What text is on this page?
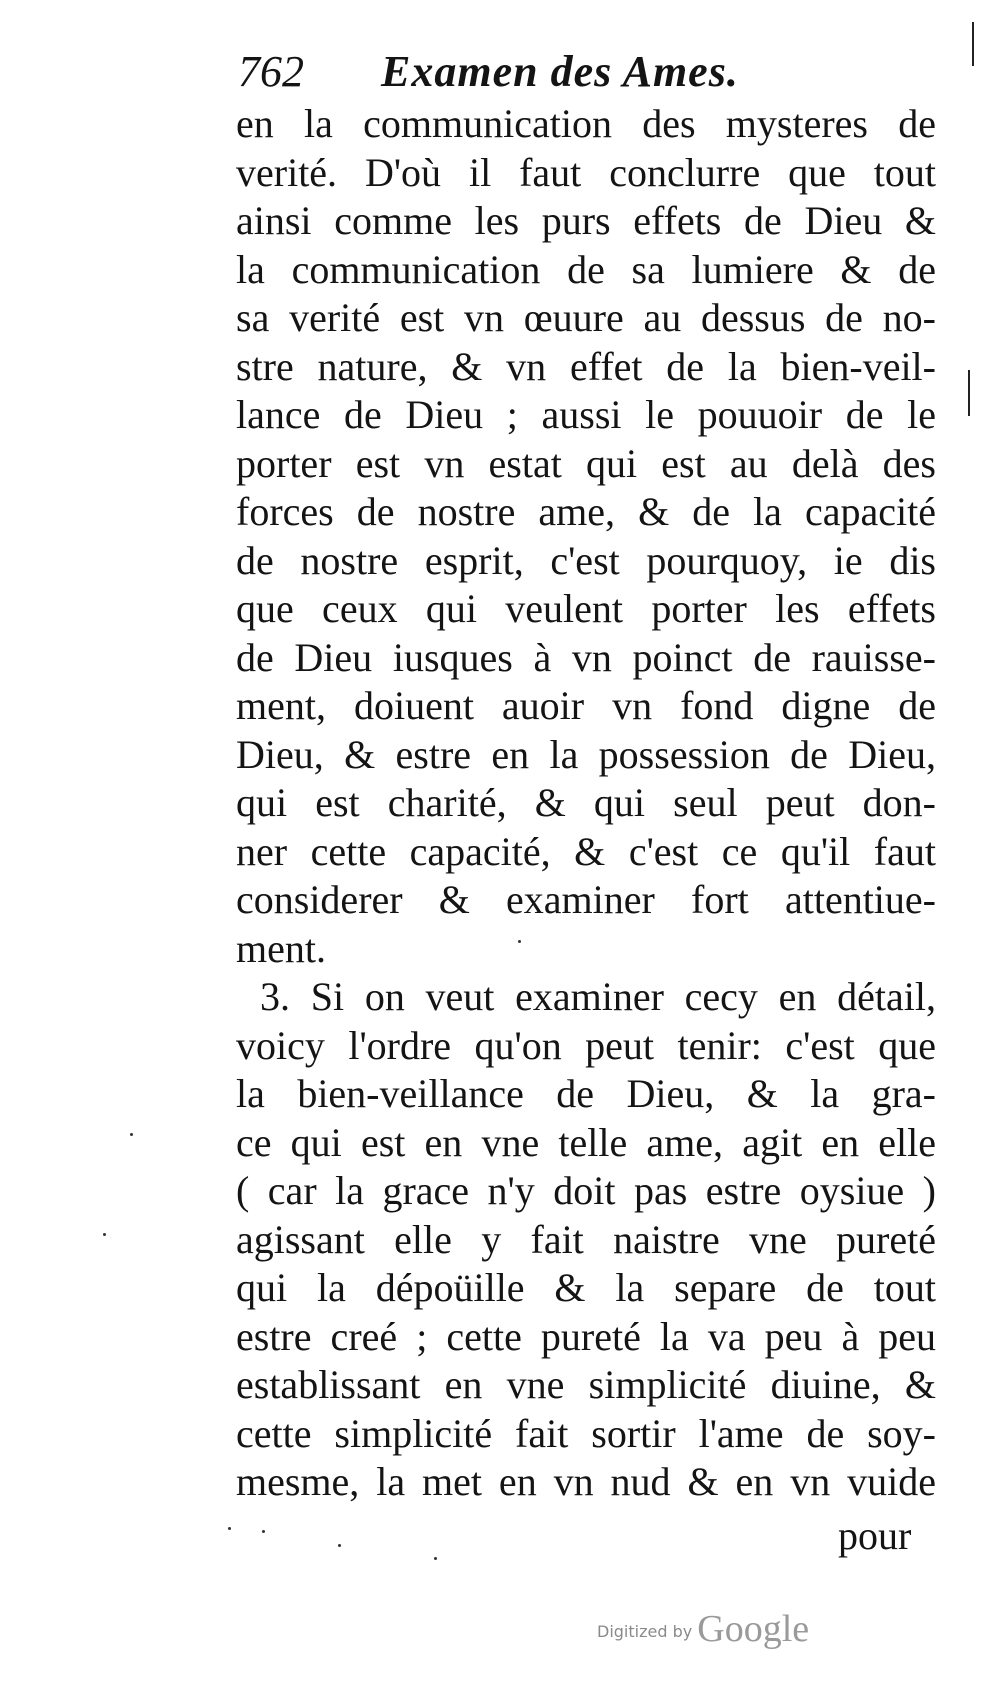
762 Examen des Ames.
en la communication des mysteres de
verité. D'où il faut conclurre que tout
ainsi comme les purs effets de Dieu &
la communication de sa lumiere & de
sa verité est vn œuure au dessus de no-
stre nature, & vn effet de la bien-veil-
lance de Dieu ; aussi le pouuoir de le
porter est vn estat qui est au delà des
forces de nostre ame, & de la capacité
de nostre esprit, c'est pourquoy, ie dis
que ceux qui veulent porter les effets
de Dieu iusques à vn poinct de rauisse-
ment, doiuent auoir vn fond digne de
Dieu, & estre en la possession de Dieu,
qui est charité, & qui seul peut don-
ner cette capacité, & c'est ce qu'il faut
considerer & examiner fort attentiue-
ment.
3. Si on veut examiner cecy en détail,
voicy l'ordre qu'on peut tenir: c'est que
la bien-veillance de Dieu, & la gra-
ce qui est en vne telle ame, agit en elle
( car la grace n'y doit pas estre oysiue )
agissant elle y fait naistre vne pureté
qui la dépoüille & la separe de tout
estre creé ; cette pureté la va peu à peu
establissant en vne simplicité diuine, &
cette simplicité fait sortir l'ame de soy-
mesme, la met en vn nud & en vn vuide
pour
Digitized by Google
